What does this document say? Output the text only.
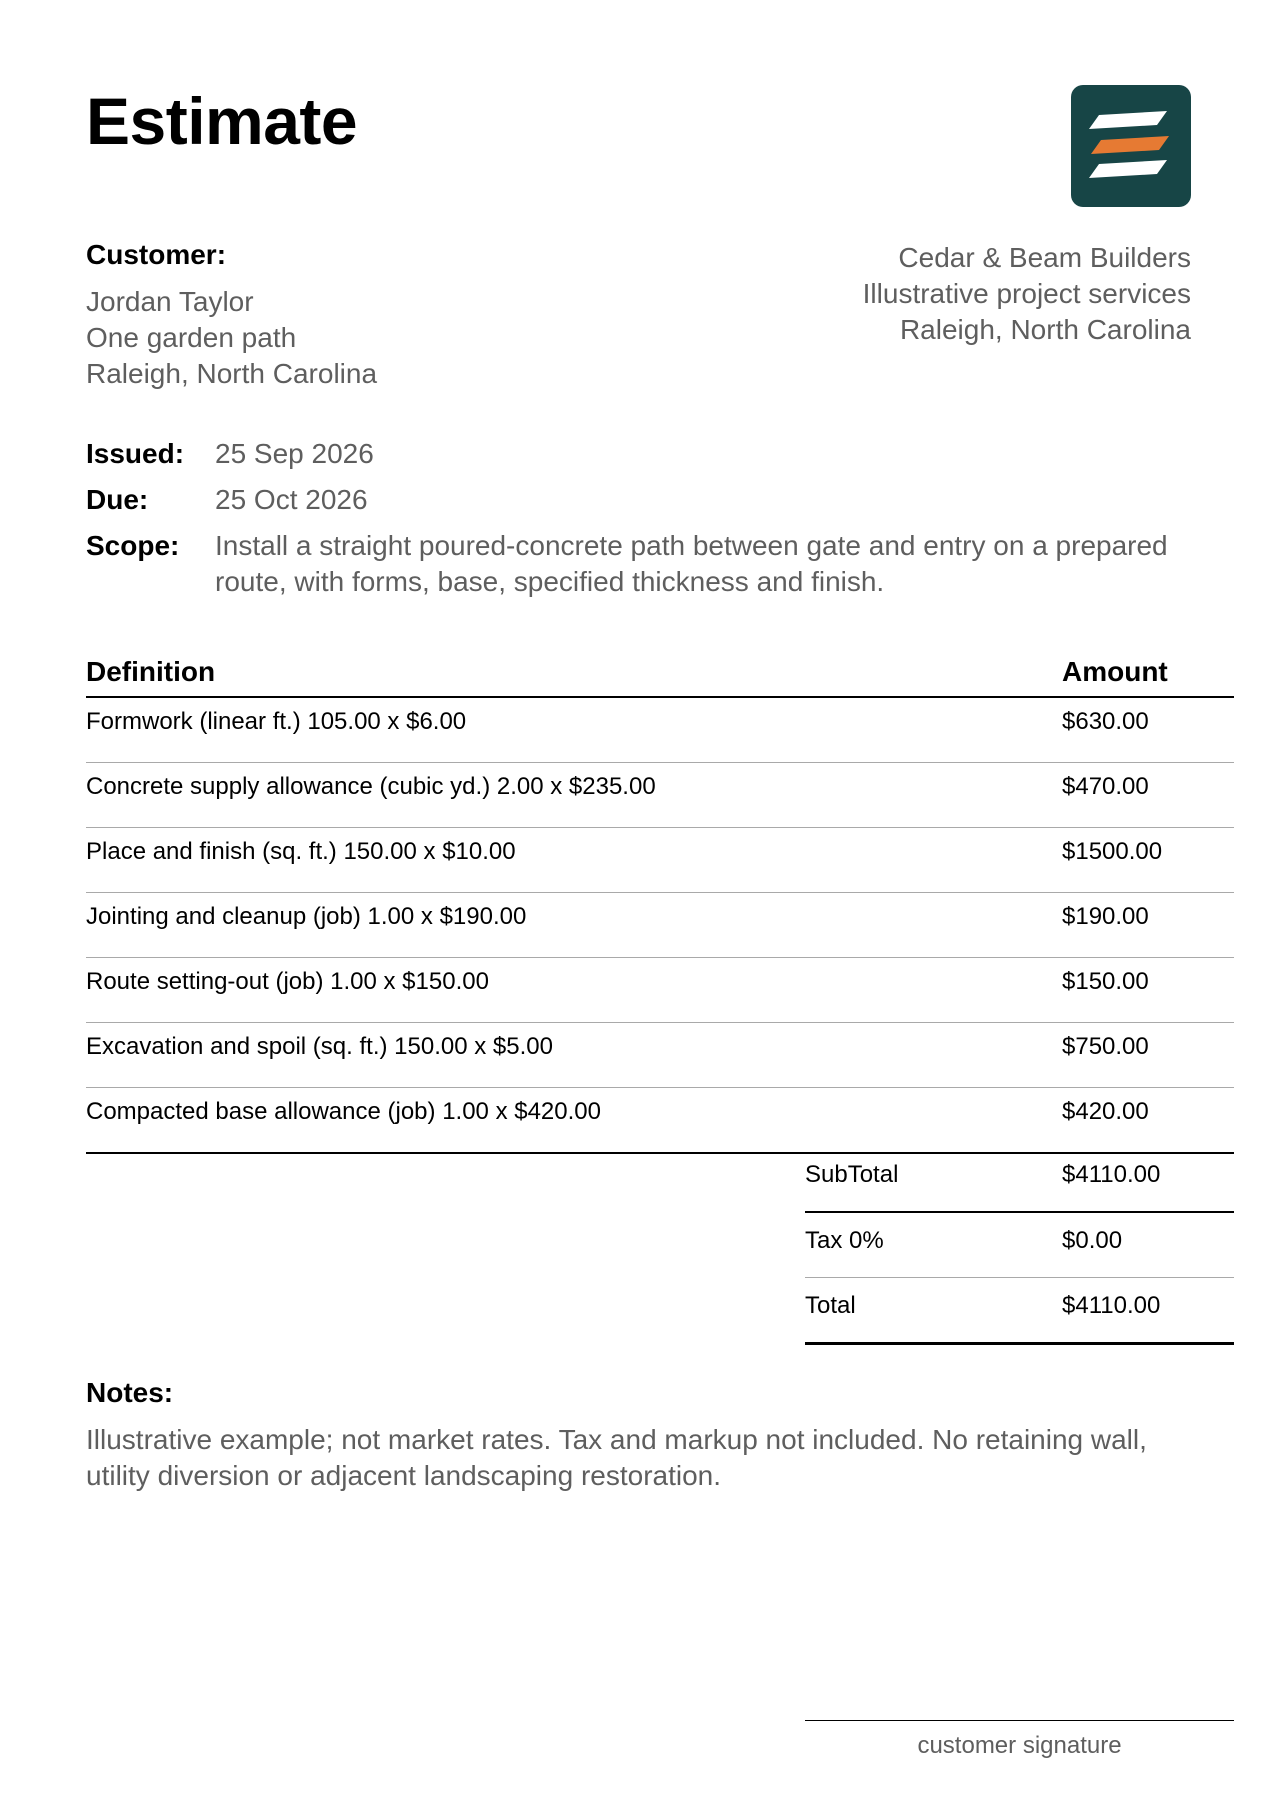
Estimate
Customer:
Jordan Taylor
One garden path
Raleigh, North Carolina
Cedar & Beam Builders
Illustrative project services
Raleigh, North Carolina
Issued: 25 Sep 2026
Due: 25 Oct 2026
Scope: Install a straight poured-concrete path between gate and entry on a prepared route, with forms, base, specified thickness and finish.
Definition	Amount
Formwork (linear ft.) 105.00 x $6.00	$630.00
Concrete supply allowance (cubic yd.) 2.00 x $235.00	$470.00
Place and finish (sq. ft.) 150.00 x $10.00	$1500.00
Jointing and cleanup (job) 1.00 x $190.00	$190.00
Route setting-out (job) 1.00 x $150.00	$150.00
Excavation and spoil (sq. ft.) 150.00 x $5.00	$750.00
Compacted base allowance (job) 1.00 x $420.00	$420.00
SubTotal	$4110.00
Tax 0%	$0.00
Total	$4110.00
Notes:
Illustrative example; not market rates. Tax and markup not included. No retaining wall, utility diversion or adjacent landscaping restoration.
customer signature
